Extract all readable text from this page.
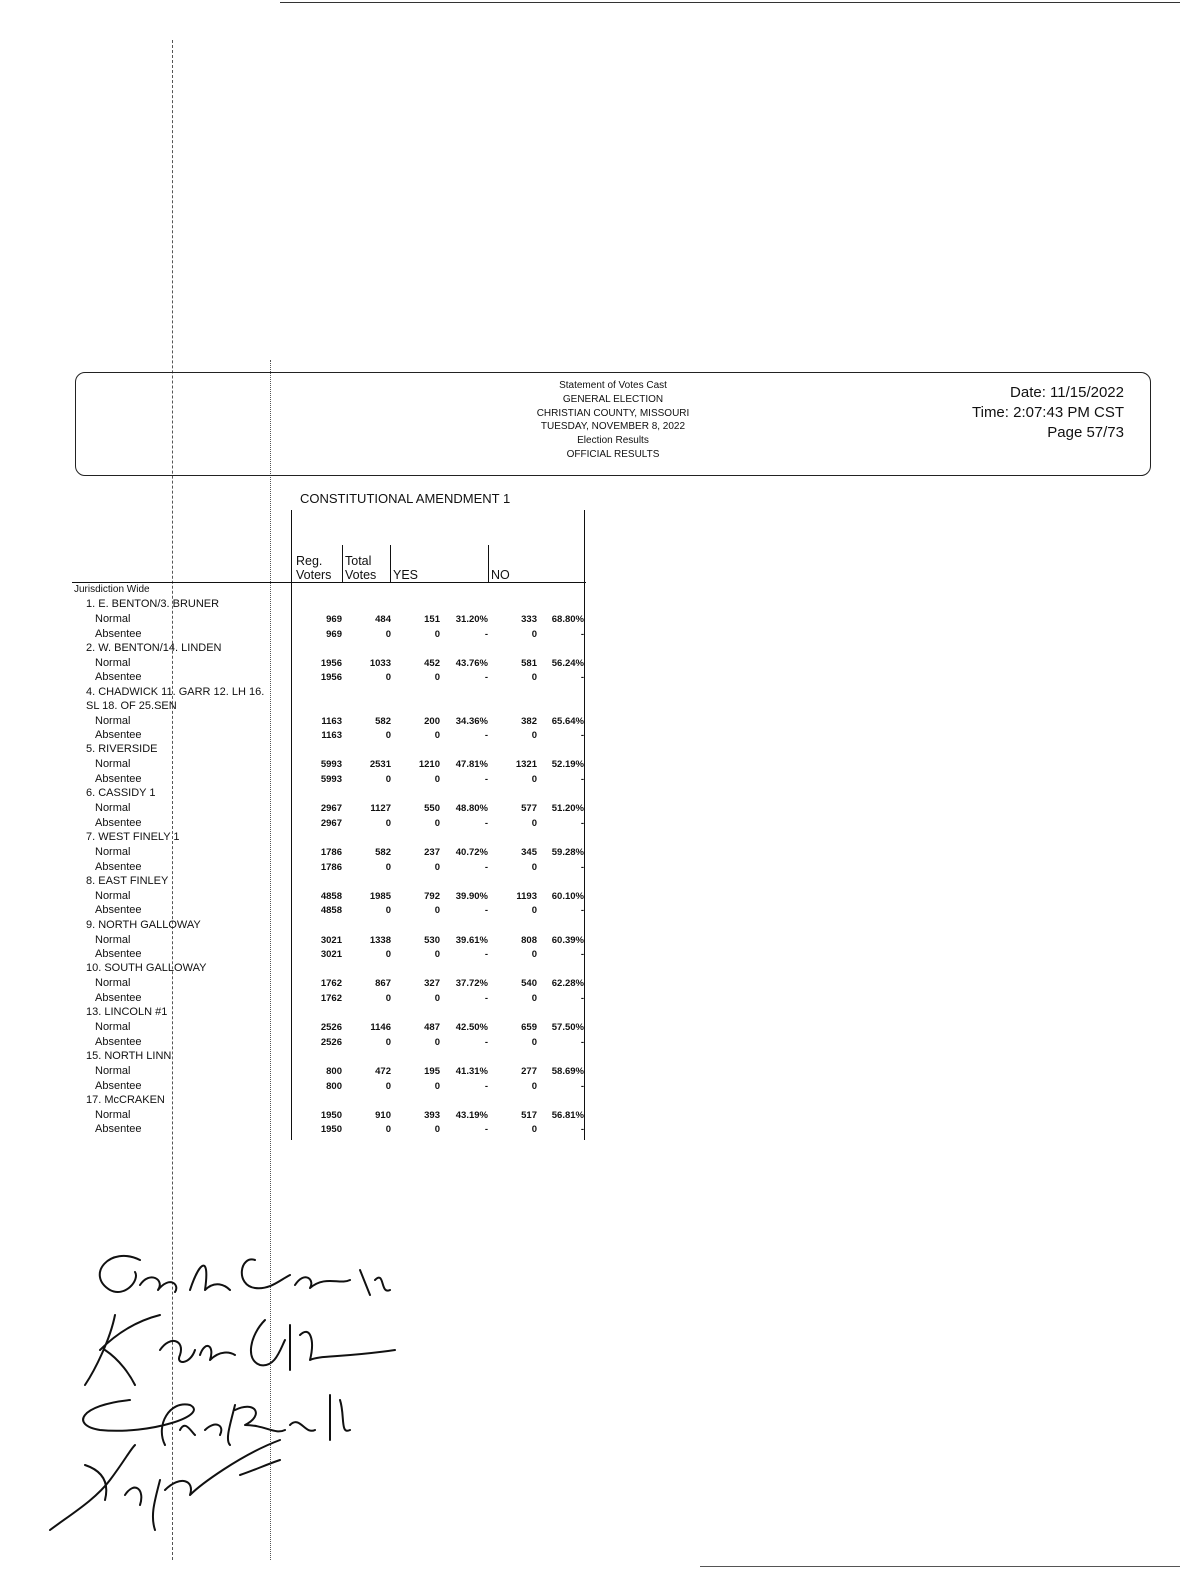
Statement of Votes Cast
GENERAL ELECTION
CHRISTIAN COUNTY, MISSOURI
TUESDAY, NOVEMBER 8, 2022
Election Results
OFFICIAL RESULTS
Date: 11/15/2022
Time: 2:07:43 PM CST
Page 57/73
CONSTITUTIONAL AMENDMENT 1
Reg.
Voters
Total
Votes YES	NO
Jurisdiction Wide
1. E. BENTON/3. BRUNER
Normal	969	484	151	31.20%	333	68.80%
Absentee	969	0	0	-	0	-
2. W. BENTON/14. LINDEN
Normal	1956	1033	452	43.76%	581	56.24%
Absentee	1956	0	0	-	0	-
4. CHADWICK 11. GARR 12. LH 16.
SL 18. OF 25.SEN
Normal	1163	582	200	34.36%	382	65.64%
Absentee	1163	0	0	-	0	-
5. RIVERSIDE
Normal	5993	2531	1210	47.81%	1321	52.19%
Absentee	5993	0	0	-	0	-
6. CASSIDY 1
Normal	2967	1127	550	48.80%	577	51.20%
Absentee	2967	0	0	-	0	-
7. WEST FINELY 1
Normal	1786	582	237	40.72%	345	59.28%
Absentee	1786	0	0	-	0	-
8. EAST FINLEY
Normal	4858	1985	792	39.90%	1193	60.10%
Absentee	4858	0	0	-	0	-
9. NORTH GALLOWAY
Normal	3021	1338	530	39.61%	808	60.39%
Absentee	3021	0	0	-	0	-
10. SOUTH GALLOWAY
Normal	1762	867	327	37.72%	540	62.28%
Absentee	1762	0	0	-	0	-
13. LINCOLN #1
Normal	2526	1146	487	42.50%	659	57.50%
Absentee	2526	0	0	-	0	-
15. NORTH LINN
Normal	800	472	195	41.31%	277	58.69%
Absentee	800	0	0	-	0	-
17. McCRAKEN
Normal	1950	910	393	43.19%	517	56.81%
Absentee	1950	0	0	-	0	-
